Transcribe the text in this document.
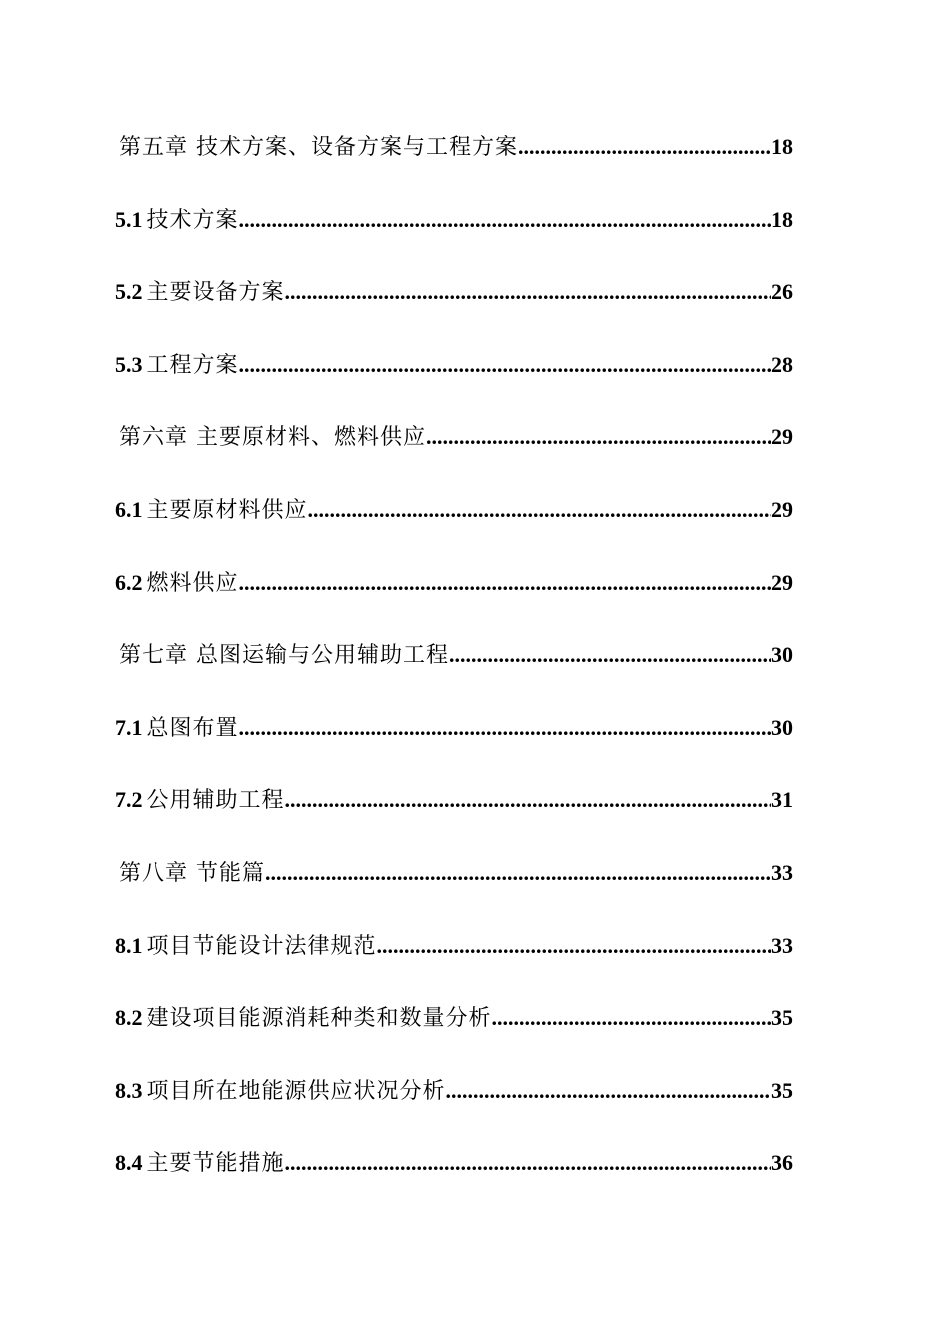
第五章 技术方案、设备方案与工程方案 .....	18
5.1 技术方案 .....	18
5.2 主要设备方案 .....	26
5.3 工程方案 .....	28
第六章 主要原材料、燃料供应 .....	29
6.1 主要原材料供应 .....	29
6.2 燃料供应 .....	29
第七章 总图运输与公用辅助工程 .....	30
7.1 总图布置 .....	30
7.2 公用辅助工程 .....	31
第八章 节能篇 .....	33
8.1 项目节能设计法律规范 .....	33
8.2 建设项目能源消耗种类和数量分析 .....	35
8.3 项目所在地能源供应状况分析 .....	35
8.4 主要节能措施 .....	36
